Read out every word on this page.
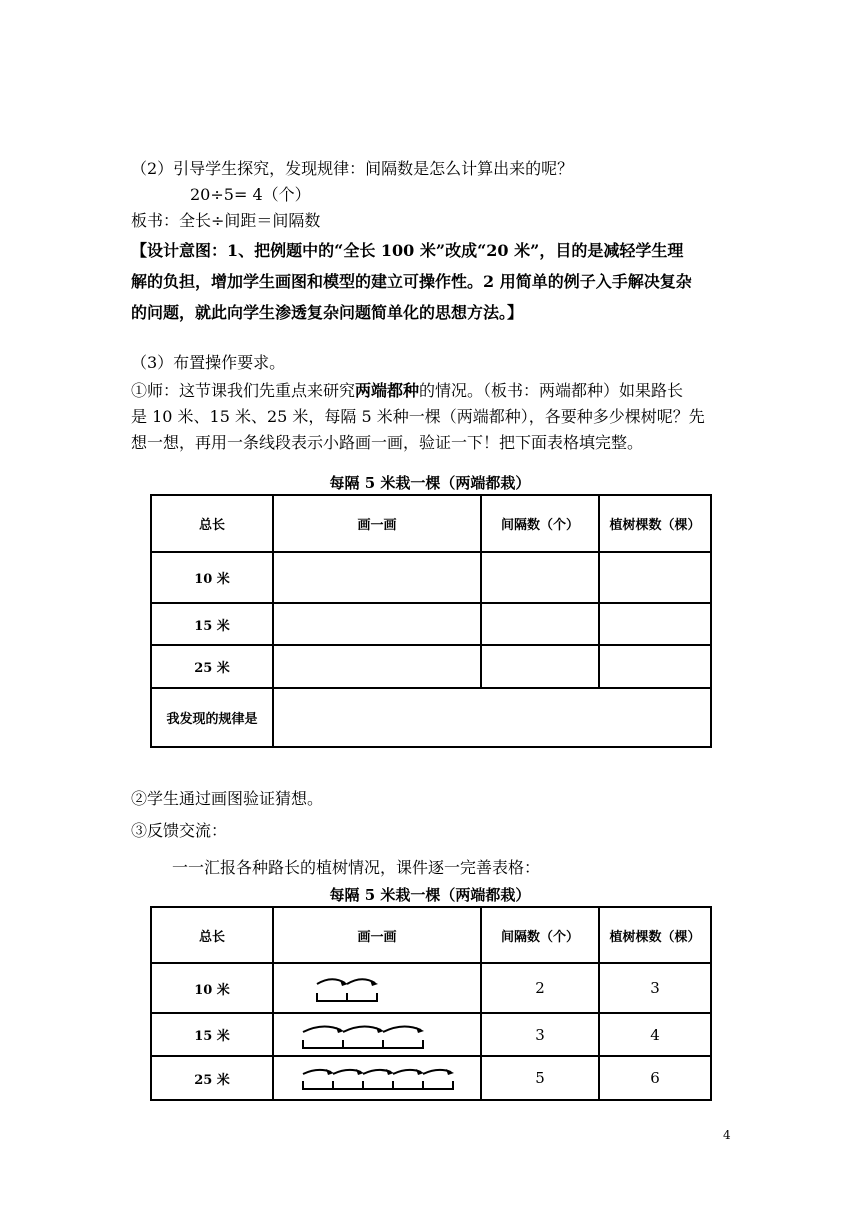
（2）引导学生探究，发现规律：间隔数是怎么计算出来的呢？
20÷5= 4（个）
板书：全长÷间距＝间隔数
【设计意图：1、把例题中的“全长 100 米”改成“20 米”，目的是减轻学生理
解的负担，增加学生画图和模型的建立可操作性。2 用简单的例子入手解决复杂
的问题，就此向学生渗透复杂问题简单化的思想方法。】
（3）布置操作要求。
①师：这节课我们先重点来研究两端都种的情况。（板书：两端都种）如果路长
是 10 米、15 米、25 米，每隔 5 米种一棵（两端都种），各要种多少棵树呢？先
想一想，再用一条线段表示小路画一画，验证一下！把下面表格填完整。
每隔 5 米栽一棵（两端都栽）
总长	画一画	间隔数（个）	植树棵数（棵）
10 米			
15 米			
25 米			
我发现的规律是			
②学生通过画图验证猜想。
③反馈交流：
一一汇报各种路长的植树情况，课件逐一完善表格：
每隔 5 米栽一棵（两端都栽）
总长	画一画	间隔数（个）	植树棵数（棵）
10 米		2	3
15 米		3	4
25 米		5	6
4
